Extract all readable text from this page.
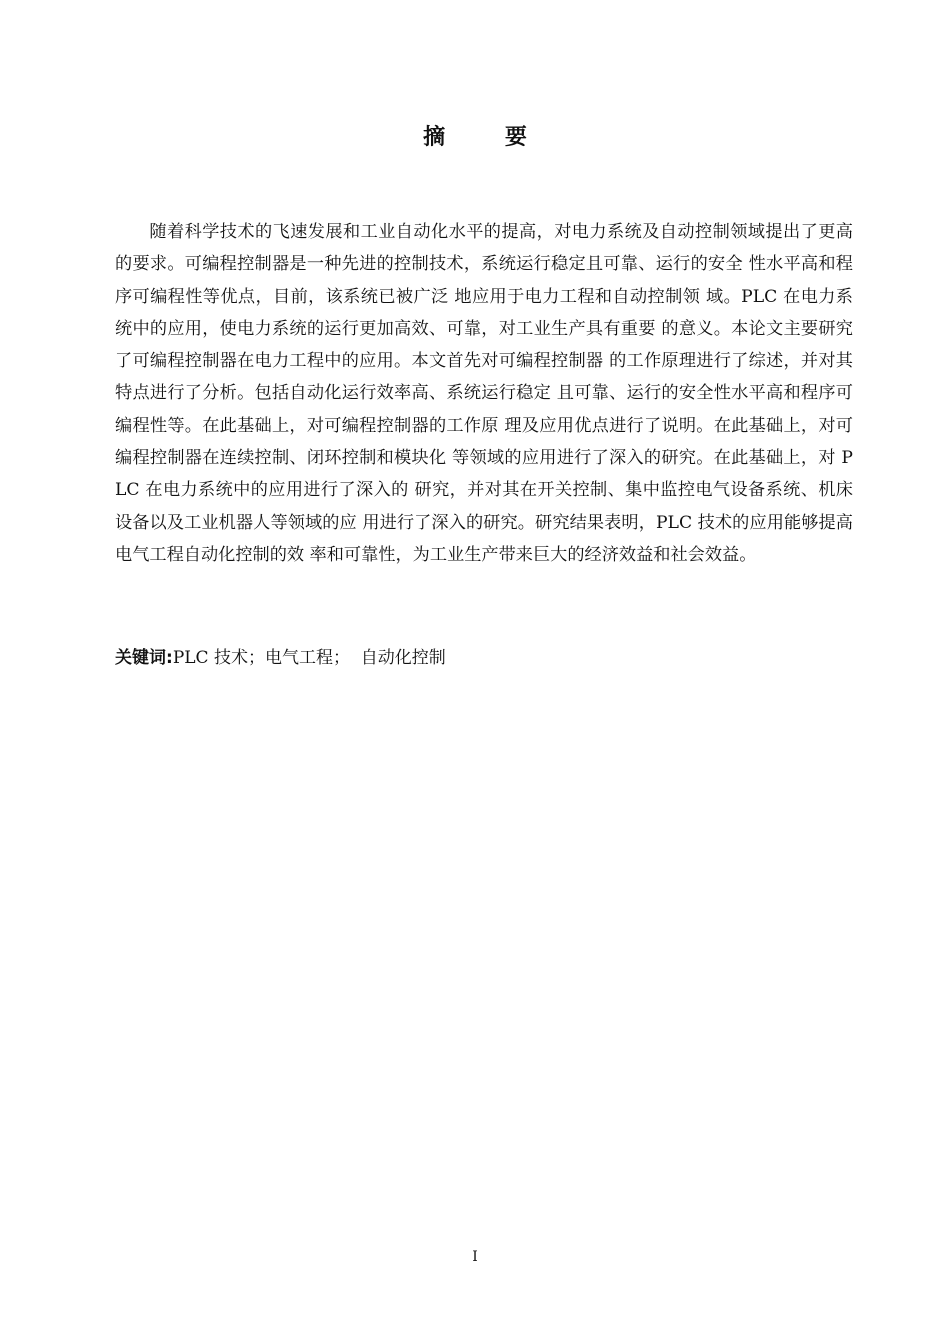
摘 要

随着科学技术的飞速发展和工业自动化水平的提高，对电力系统及自动控制领域提出了更高的要求。可编程控制器是一种先进的控制技术，系统运行稳定且可靠、运行的安全 性水平高和程序可编程性等优点，目前，该系统已被广泛 地应用于电力工程和自动控制领 域。PLC 在电力系统中的应用，使电力系统的运行更加高效、可靠，对工业生产具有重要 的意义。本论文主要研究了可编程控制器在电力工程中的应用。本文首先对可编程控制器 的工作原理进行了综述，并对其特点进行了分析。包括自动化运行效率高、系统运行稳定 且可靠、运行的安全性水平高和程序可编程性等。在此基础上，对可编程控制器的工作原 理及应用优点进行了说明。在此基础上，对可编程控制器在连续控制、闭环控制和模块化 等领域的应用进行了深入的研究。在此基础上，对 PLC 在电力系统中的应用进行了深入的 研究，并对其在开关控制、集中监控电气设备系统、机床设备以及工业机器人等领域的应 用进行了深入的研究。研究结果表明，PLC 技术的应用能够提高电气工程自动化控制的效 率和可靠性，为工业生产带来巨大的经济效益和社会效益。

关键词:PLC 技术；电气工程；  自动化控制
I
